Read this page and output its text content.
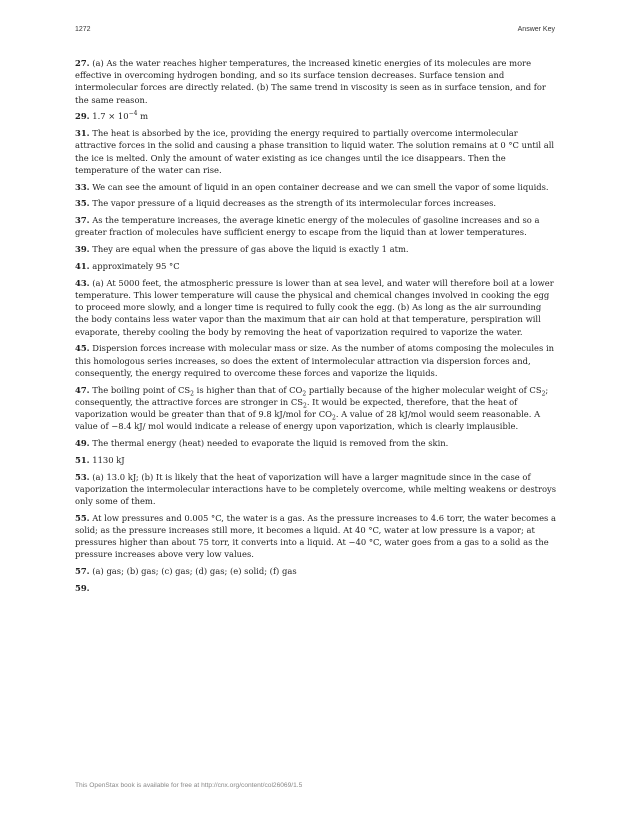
1272	Answer Key
27. (a) As the water reaches higher temperatures, the increased kinetic energies of its molecules are more effective in overcoming hydrogen bonding, and so its surface tension decreases. Surface tension and intermolecular forces are directly related. (b) The same trend in viscosity is seen as in surface tension, and for the same reason.
29. $1.7 \times 10^{-4}$ m
31. The heat is absorbed by the ice, providing the energy required to partially overcome intermolecular attractive forces in the solid and causing a phase transition to liquid water. The solution remains at 0 °C until all the ice is melted. Only the amount of water existing as ice changes until the ice disappears. Then the temperature of the water can rise.
33. We can see the amount of liquid in an open container decrease and we can smell the vapor of some liquids.
35. The vapor pressure of a liquid decreases as the strength of its intermolecular forces increases.
37. As the temperature increases, the average kinetic energy of the molecules of gasoline increases and so a greater fraction of molecules have sufficient energy to escape from the liquid than at lower temperatures.
39. They are equal when the pressure of gas above the liquid is exactly 1 atm.
41. approximately 95 °C
43. (a) At 5000 feet, the atmospheric pressure is lower than at sea level, and water will therefore boil at a lower temperature. This lower temperature will cause the physical and chemical changes involved in cooking the egg to proceed more slowly, and a longer time is required to fully cook the egg. (b) As long as the air surrounding the body contains less water vapor than the maximum that air can hold at that temperature, perspiration will evaporate, thereby cooling the body by removing the heat of vaporization required to vaporize the water.
45. Dispersion forces increase with molecular mass or size. As the number of atoms composing the molecules in this homologous series increases, so does the extent of intermolecular attraction via dispersion forces and, consequently, the energy required to overcome these forces and vaporize the liquids.
47. The boiling point of $CS_2$ is higher than that of $CO_2$ partially because of the higher molecular weight of $CS_2$; consequently, the attractive forces are stronger in $CS_2$. It would be expected, therefore, that the heat of vaporization would be greater than that of 9.8 kJ/mol for $CO_2$. A value of 28 kJ/mol would seem reasonable. A value of −8.4 kJ/ mol would indicate a release of energy upon vaporization, which is clearly implausible.
49. The thermal energy (heat) needed to evaporate the liquid is removed from the skin.
51. 1130 kJ
53. (a) 13.0 kJ; (b) It is likely that the heat of vaporization will have a larger magnitude since in the case of vaporization the intermolecular interactions have to be completely overcome, while melting weakens or destroys only some of them.
55. At low pressures and 0.005 °C, the water is a gas. As the pressure increases to 4.6 torr, the water becomes a solid; as the pressure increases still more, it becomes a liquid. At 40 °C, water at low pressure is a vapor; at pressures higher than about 75 torr, it converts into a liquid. At −40 °C, water goes from a gas to a solid as the pressure increases above very low values.
57. (a) gas; (b) gas; (c) gas; (d) gas; (e) solid; (f) gas
59.
This OpenStax book is available for free at http://cnx.org/content/col26069/1.5
